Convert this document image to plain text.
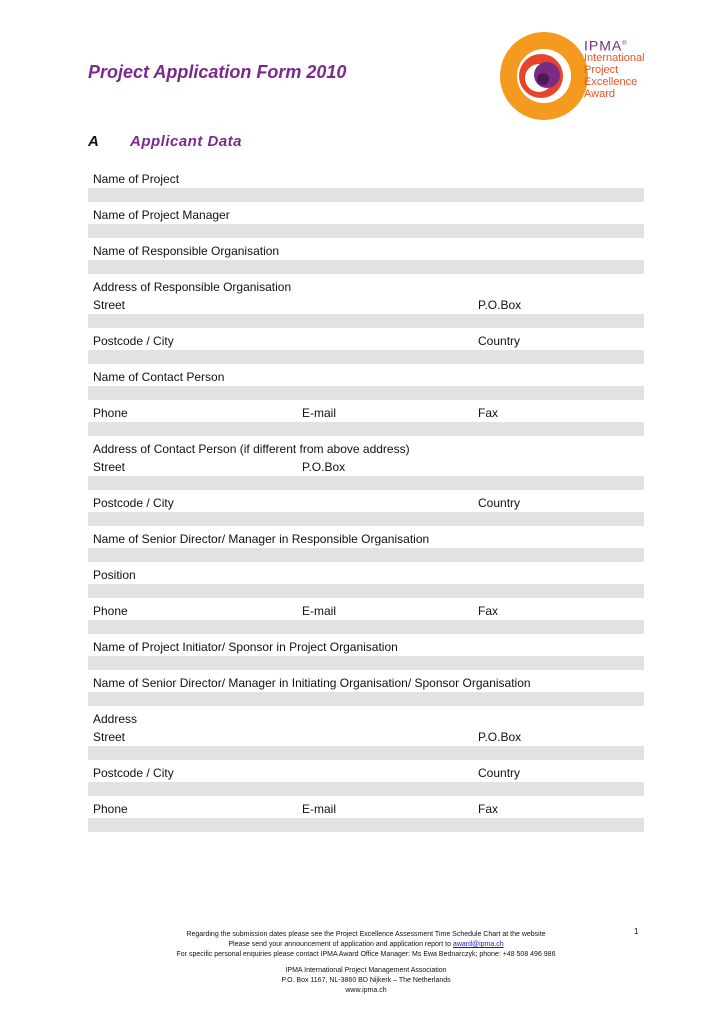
Project Application Form 2010
A Applicant Data
IPMA®
International
Project
Excellence
Award
Name of Project
Name of Project Manager
Name of Responsible Organisation
Address of Responsible Organisation
Street	P.O.Box
Postcode / City	Country
Name of Contact Person
Phone	E-mail	Fax
Address of Contact Person (if different from above address)
Street	P.O.Box
Postcode / City	Country
Name of Senior Director/ Manager in Responsible Organisation
Position
Phone	E-mail	Fax
Name of Project Initiator/ Sponsor in Project Organisation
Name of Senior Director/ Manager in Initiating Organisation/ Sponsor Organisation
Address
Street	P.O.Box
Postcode / City	Country
Phone	E-mail	Fax
1
Regarding the submission dates please see the Project Excellence Assessment Time Schedule Chart at the website
Please send your announcement of application and application report to award@ipma.ch
For specific personal enquiries please contact IPMA Award Office Manager: Ms Ewa Bednarczyk; phone: +48 508 496 986
IPMA International Project Management Association
P.O. Box 1167, NL-3860 BD Nijkerk – The Netherlands
www.ipma.ch
